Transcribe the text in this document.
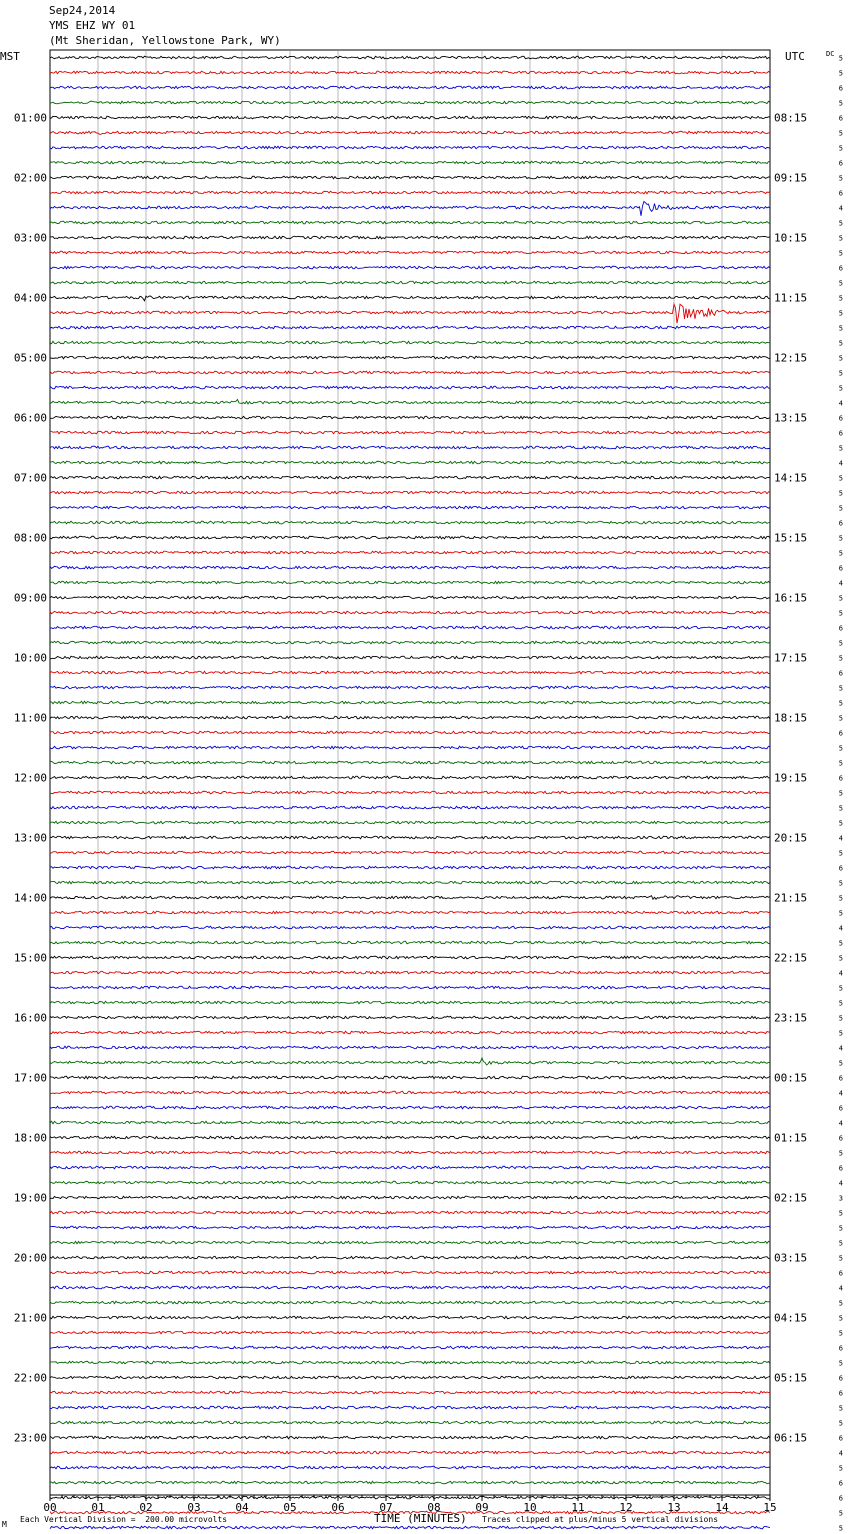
Sep24,2014
YMS EHZ WY 01
(Mt Sheridan, Yellowstone Park, WY)
01:00
02:00
03:00
04:00
05:00
06:00
07:00
08:00
09:00
10:00
11:00
12:00
13:00
14:00
15:00
16:00
17:00
18:00
19:00
20:00
21:00
22:00
23:00
08:15
09:15
10:15
11:15
12:15
13:15
14:15
15:15
16:15
17:15
18:15
19:15
20:15
21:15
22:15
23:15
00:15
01:15
02:15
03:15
04:15
05:15
06:15
MST	UTC	DC
5
5
6
5
6
5
5
6
5
6
4
5
5
5
6
5
5
5
5
5
5
5
5
4
6
6
5
4
5
5
5
6
5
5
6
4
5
5
6
5
5
6
5
5
5
6
5
5
6
5
5
5
4
5
6
5
5
5
4
5
5
4
5
5
5
5
4
5
6
4
6
4
6
5
6
4
3
5
5
5
5
6
4
5
5
5
6
5
6
6
5
5
6
4
5
6
6
5
5
00	01	02	03	04	05	06	07	08	09	10	11	12	13	14	15
M
Each Vertical Division =  200.00 microvolts	TIME (MINUTES) Traces clipped at plus/minus 5 vertical divisions
